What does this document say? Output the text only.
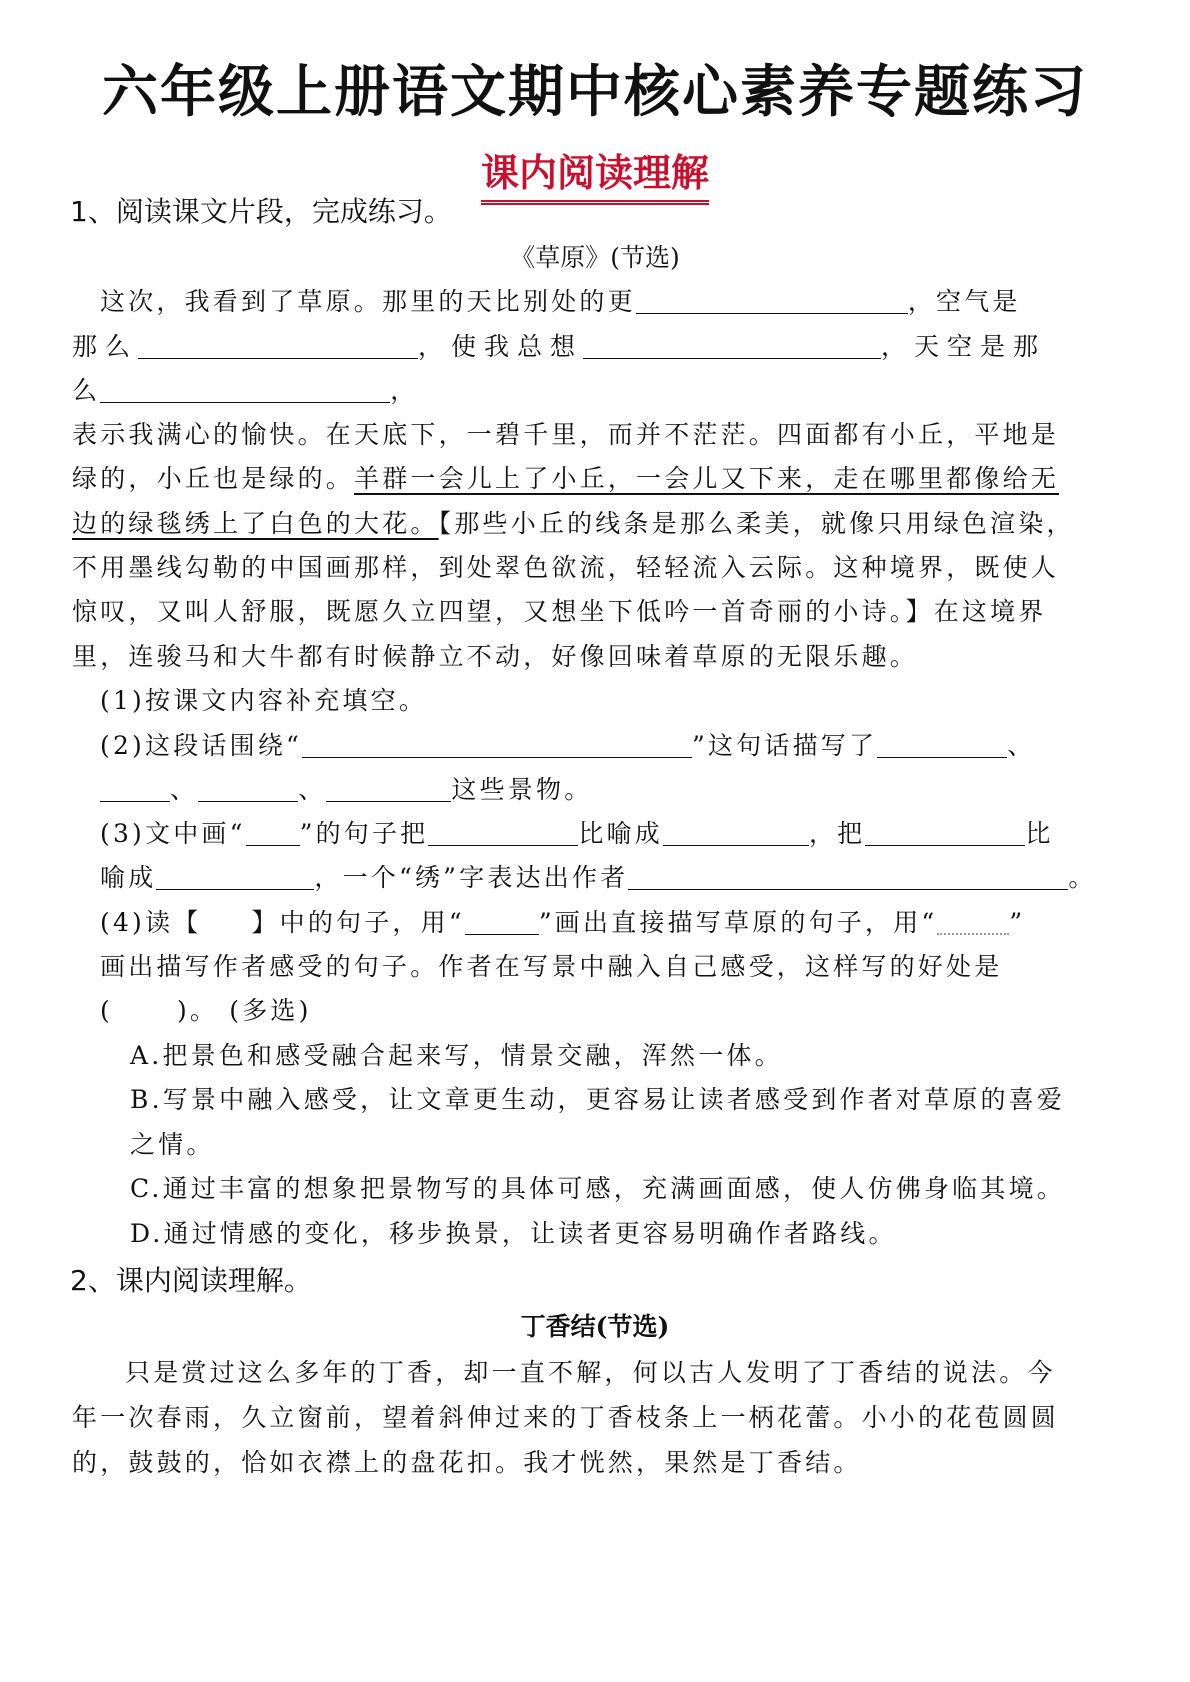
六年级上册语文期中核心素养专题练习
课内阅读理解
1、阅读课文片段，完成练习。
《草原》(节选)
这次，我看到了草原。那里的天比别处的更	，空气是
那么	，使我总想	，天空是那
么	，
表示我满心的愉快。在天底下，一碧千里，而并不茫茫。四面都有小丘，平地是
绿的，小丘也是绿的。羊群一会儿上了小丘，一会儿又下来，走在哪里都像给无
边的绿毯绣上了白色的大花。【那些小丘的线条是那么柔美，就像只用绿色渲染，
不用墨线勾勒的中国画那样，到处翠色欲流，轻轻流入云际。这种境界，既使人
惊叹，又叫人舒服，既愿久立四望，又想坐下低吟一首奇丽的小诗。】在这境界
里，连骏马和大牛都有时候静立不动，好像回味着草原的无限乐趣。
(1)按课文内容补充填空。
(2)这段话围绕“	”这句话描写了	、
、	、	这些景物。
(3)文中画“ ”的句子把	比喻成	，把	比
喻成	，一个“绣”字表达出作者	。
(4)读【 】中的句子，用“	”画出直接描写草原的句子，用“	”
画出描写作者感受的句子。作者在写景中融入自己感受，这样写的好处是
(	)。 (多选)
A.把景色和感受融合起来写，情景交融，浑然一体。
B.写景中融入感受，让文章更生动，更容易让读者感受到作者对草原的喜爱
之情。
C.通过丰富的想象把景物写的具体可感，充满画面感，使人仿佛身临其境。
D.通过情感的变化，移步换景，让读者更容易明确作者路线。
2、课内阅读理解。
丁香结(节选)
只是赏过这么多年的丁香，却一直不解，何以古人发明了丁香结的说法。今
年一次春雨，久立窗前，望着斜伸过来的丁香枝条上一柄花蕾。小小的花苞圆圆
的，鼓鼓的，恰如衣襟上的盘花扣。我才恍然，果然是丁香结。
